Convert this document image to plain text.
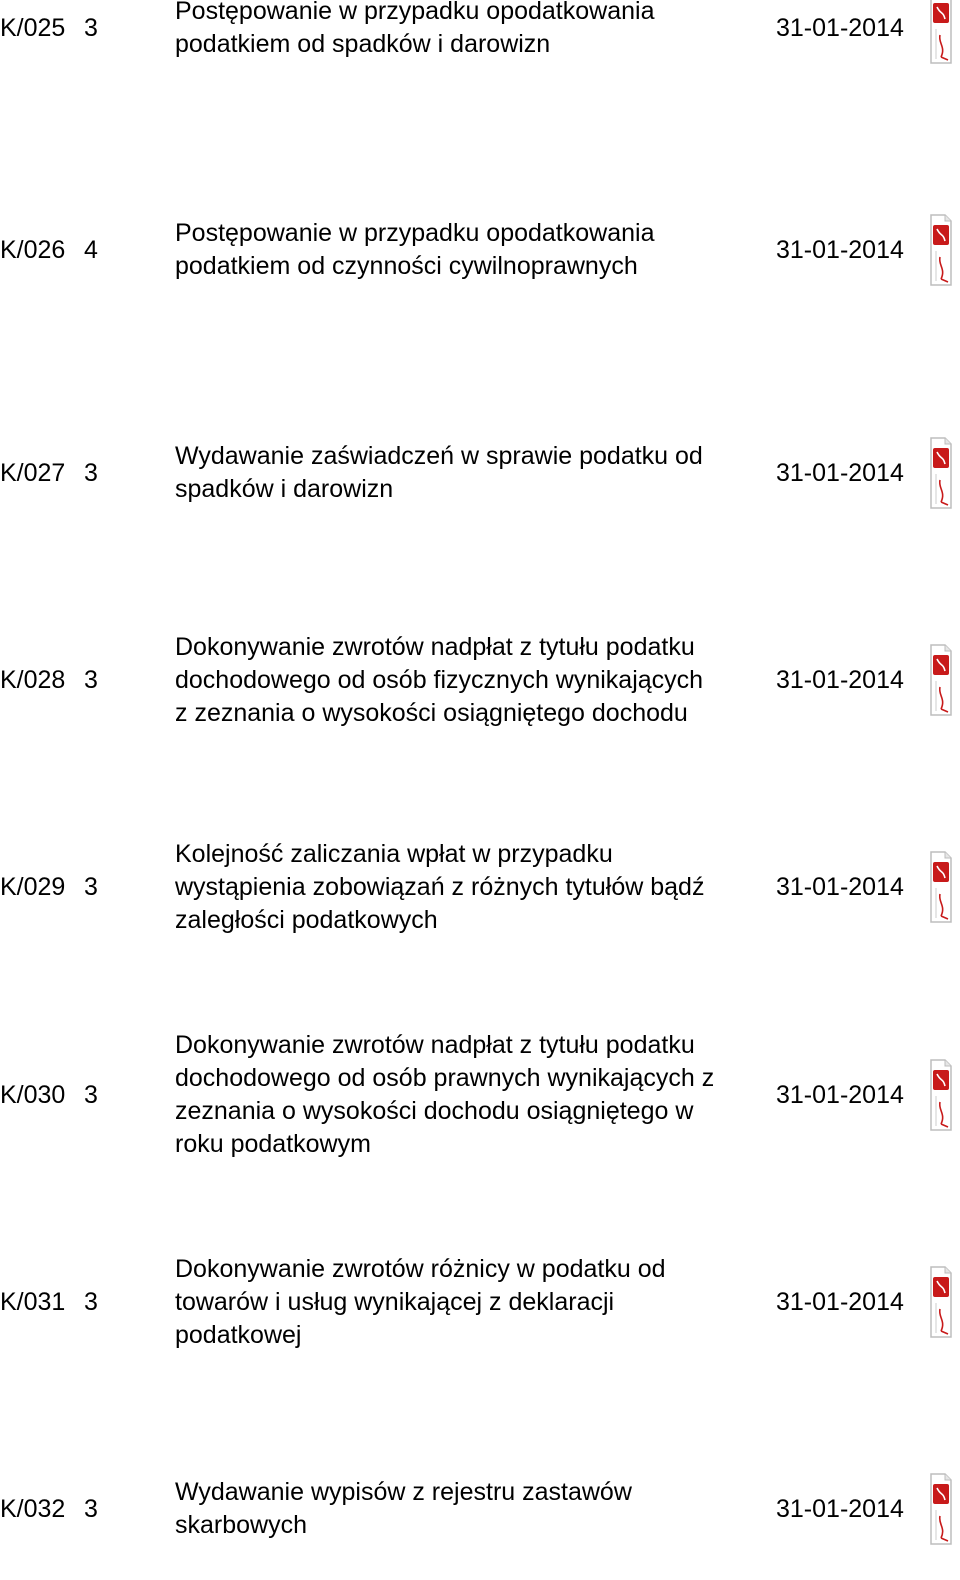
K/025 3
Postępowanie w przypadku opodatkowania
podatkiem od spadków i darowizn
31-01-2014
K/026 4
Postępowanie w przypadku opodatkowania
podatkiem od czynności cywilnoprawnych
31-01-2014
K/027 3
Wydawanie zaświadczeń w sprawie podatku od
spadków i darowizn
31-01-2014
K/028 3
Dokonywanie zwrotów nadpłat z tytułu podatku
dochodowego od osób fizycznych wynikających
z zeznania o wysokości osiągniętego dochodu
31-01-2014
K/029 3
Kolejność zaliczania wpłat w przypadku
wystąpienia zobowiązań z różnych tytułów bądź
zaległości podatkowych
31-01-2014
K/030 3
Dokonywanie zwrotów nadpłat z tytułu podatku
dochodowego od osób prawnych wynikających z
zeznania o wysokości dochodu osiągniętego w
roku podatkowym
31-01-2014
K/031 3
Dokonywanie zwrotów różnicy w podatku od
towarów i usług wynikającej z deklaracji
podatkowej
31-01-2014
K/032 3
Wydawanie wypisów z rejestru zastawów
skarbowych
31-01-2014
